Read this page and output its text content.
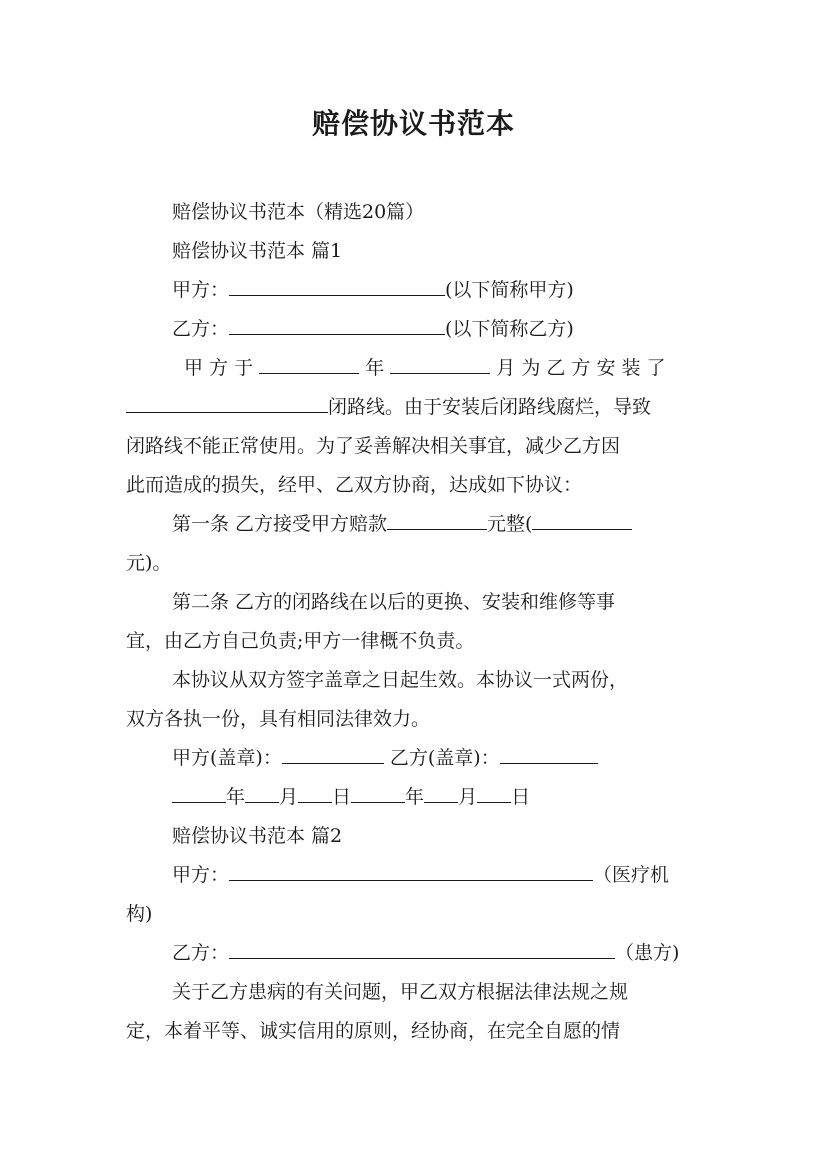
赔偿协议书范本

赔偿协议书范本（精选20篇）

赔偿协议书范本 篇1

甲方：	(以下简称甲方)

乙方：	(以下简称乙方)

甲 方 于	年	月 为 乙 方 安 装 了

闭路线。由于安装后闭路线腐烂，导致

闭路线不能正常使用。为了妥善解决相关事宜，减少乙方因

此而造成的损失，经甲、乙双方协商，达成如下协议：

第一条 乙方接受甲方赔款	元整(

元)。

第二条 乙方的闭路线在以后的更换、安装和维修等事

宜，由乙方自己负责;甲方一律概不负责。

本协议从双方签字盖章之日起生效。本协议一式两份，

双方各执一份，具有相同法律效力。

甲方(盖章)：	乙方(盖章)：

年 月 日	年 月 日

赔偿协议书范本 篇2

甲方：	（医疗机

构)

乙方：	（患方)

关于乙方患病的有关问题，甲乙双方根据法律法规之规

定，本着平等、诚实信用的原则，经协商，在完全自愿的情
